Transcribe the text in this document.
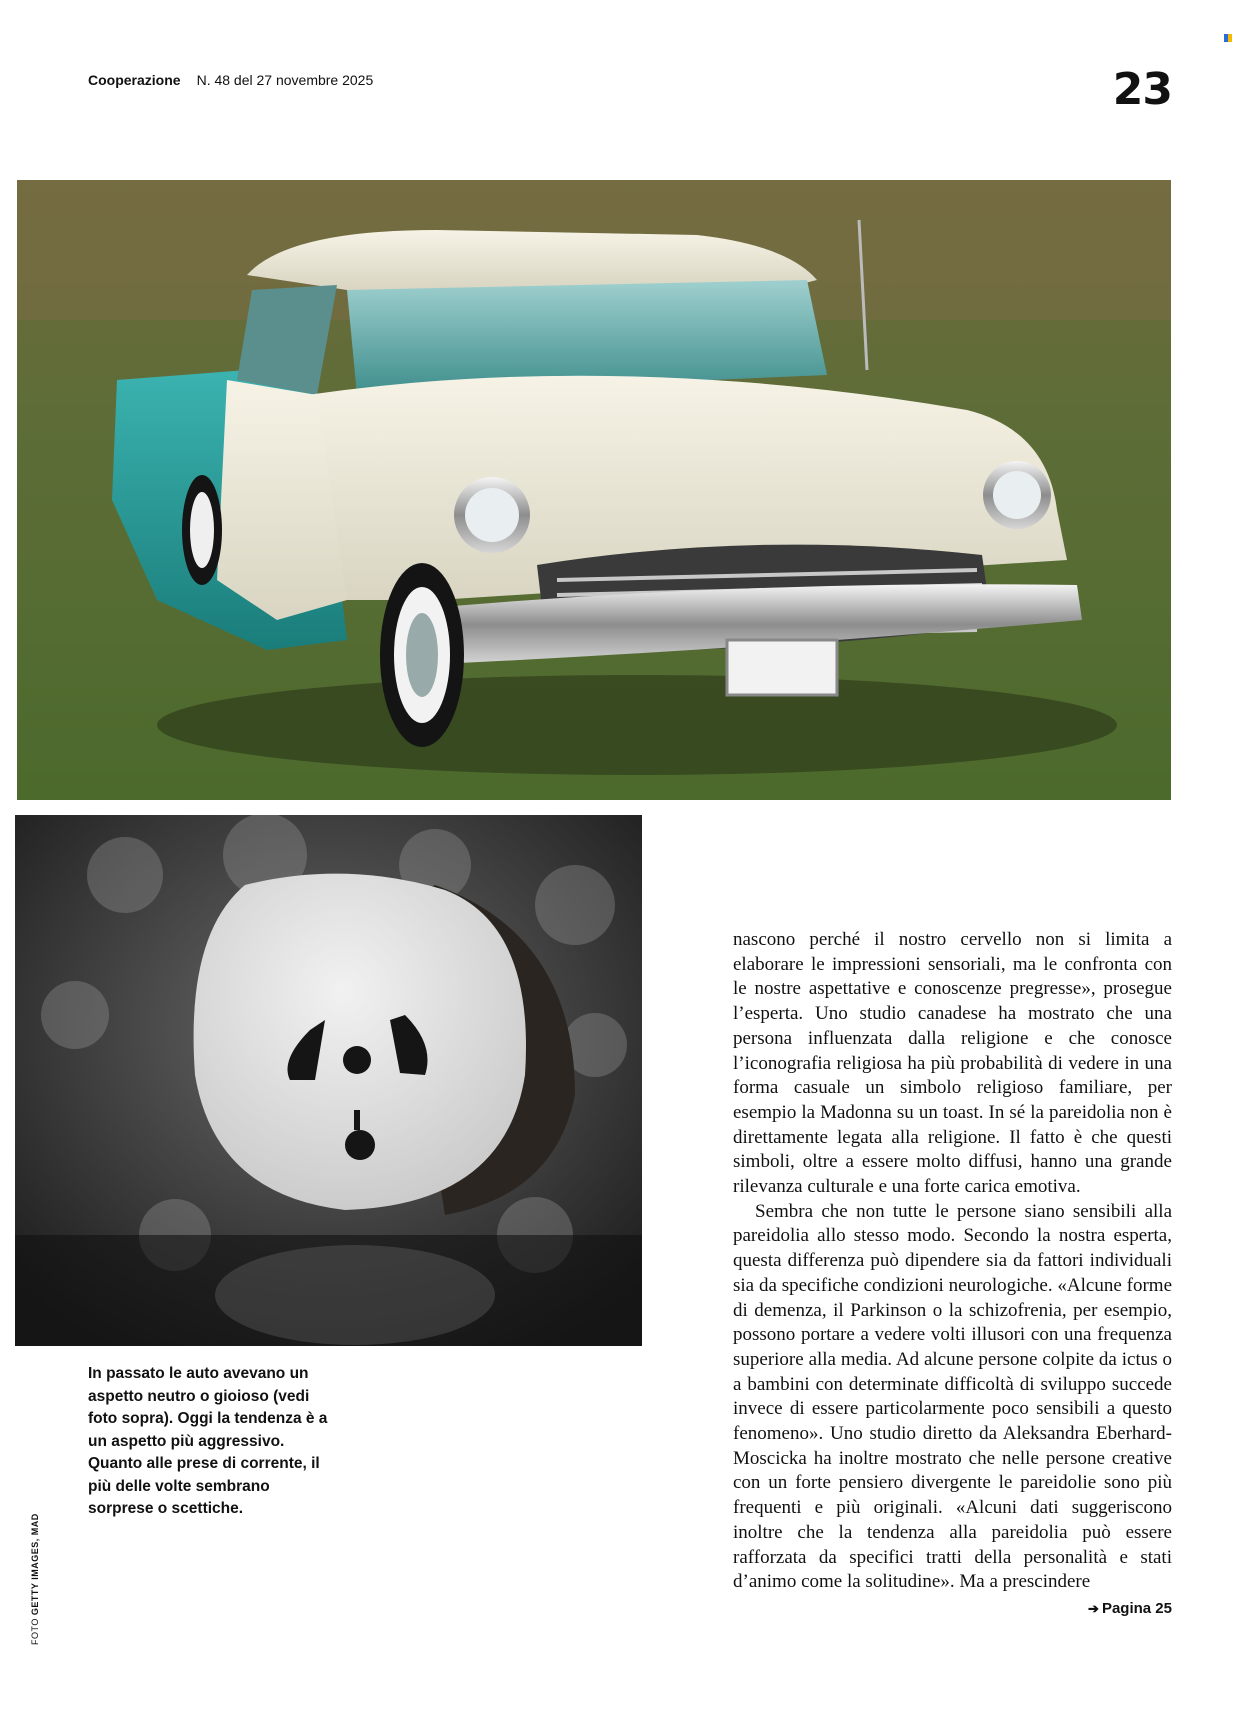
Cooperazione N. 48 del 27 novembre 2025	23
In passato le auto avevano un aspetto neutro o gioioso (vedi foto sopra). Oggi la tendenza è a un aspetto più aggressivo. Quanto alle prese di corrente, il più delle volte sembrano sorprese o scettiche.
FOTO GETTY IMAGES, MAD

nascono perché il nostro cervello non si limita a elaborare le impressioni sensoriali, ma le confronta con le nostre aspettative e conoscenze pregresse», prosegue l’esperta. Uno studio canadese ha mostrato che una persona influenzata dalla religione e che conosce l’iconografia religiosa ha più probabilità di vedere in una forma casuale un simbolo religioso familiare, per esempio la Madonna su un toast. In sé la pareidolia non è direttamente legata alla religione. Il fatto è che questi simboli, oltre a essere molto diffusi, hanno una grande rilevanza culturale e una forte carica emotiva.

Sembra che non tutte le persone siano sensibili alla pareidolia allo stesso modo. Secondo la nostra esperta, questa differenza può dipendere sia da fattori individuali sia da specifiche condizioni neurologiche. «Alcune forme di demenza, il Parkinson o la schizofrenia, per esempio, possono portare a vedere volti illusori con una frequenza superiore alla media. Ad alcune persone colpite da ictus o a bambini con determinate difficoltà di sviluppo succede invece di essere particolarmente poco sensibili a questo fenomeno». Uno studio diretto da Aleksandra Eberhard-Moscicka ha inoltre mostrato che nelle persone creative con un forte pensiero divergente le pareidolie sono più frequenti e più originali. «Alcuni dati suggeriscono inoltre che la tendenza alla pareidolia può essere rafforzata da specifici tratti della personalità e stati d’animo come la solitudine». Ma a prescindere
➔ Pagina 25
